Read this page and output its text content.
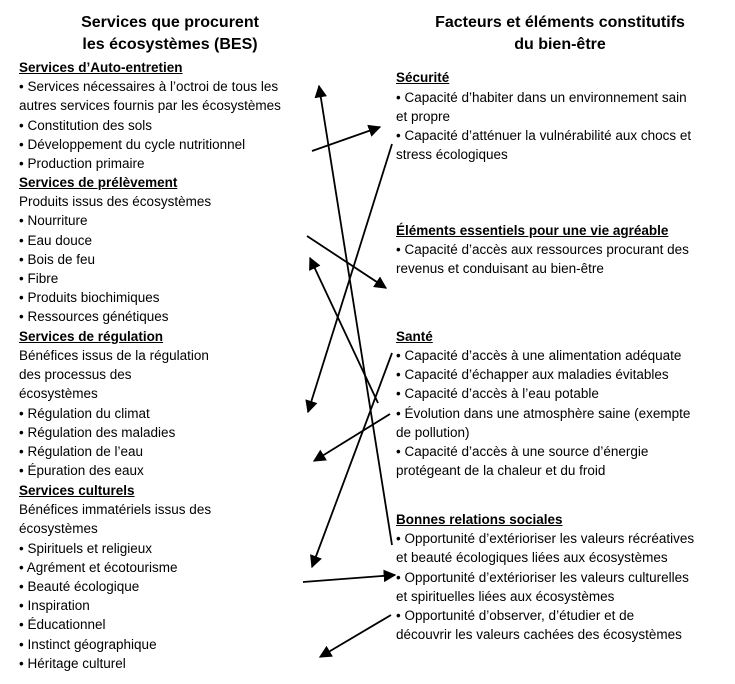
Services que procurent
les écosystèmes (BES)
Facteurs et éléments constitutifs
du bien-être
Services d’Auto-entretien
• Services nécessaires à l’octroi de tous les
autres services fournis par les écosystèmes
• Constitution des sols
• Développement du cycle nutritionnel
• Production primaire
Services de prélèvement
Produits issus des écosystèmes
• Nourriture
• Eau douce
• Bois de feu
• Fibre
• Produits biochimiques
• Ressources génétiques
Services de régulation
Bénéfices issus de la régulation
des processus des
écosystèmes
• Régulation du climat
• Régulation des maladies
• Régulation de l’eau
• Épuration des eaux
Services culturels
Bénéfices immatériels issus des
écosystèmes
• Spirituels et religieux
• Agrément et écotourisme
• Beauté écologique
• Inspiration
• Éducationnel
• Instinct géographique
• Héritage culturel
Sécurité
• Capacité d’habiter dans un environnement sain
et propre
• Capacité d’atténuer la vulnérabilité aux chocs et
stress écologiques
Éléments essentiels pour une vie agréable
• Capacité d’accès aux ressources procurant des
revenus et conduisant au bien-être
Santé
• Capacité d’accès à une alimentation adéquate
• Capacité d’échapper aux maladies évitables
• Capacité d’accès à l’eau potable
• Évolution dans une atmosphère saine (exempte
de pollution)
• Capacité d’accès à une source d’énergie
protégeant de la chaleur et du froid
Bonnes relations sociales
• Opportunité d’extérioriser les valeurs récréatives
et beauté écologiques liées aux écosystèmes
• Opportunité d’extérioriser les valeurs culturelles
et spirituelles liées aux écosystèmes
• Opportunité d’observer, d’étudier et de
découvrir les valeurs cachées des écosystèmes
